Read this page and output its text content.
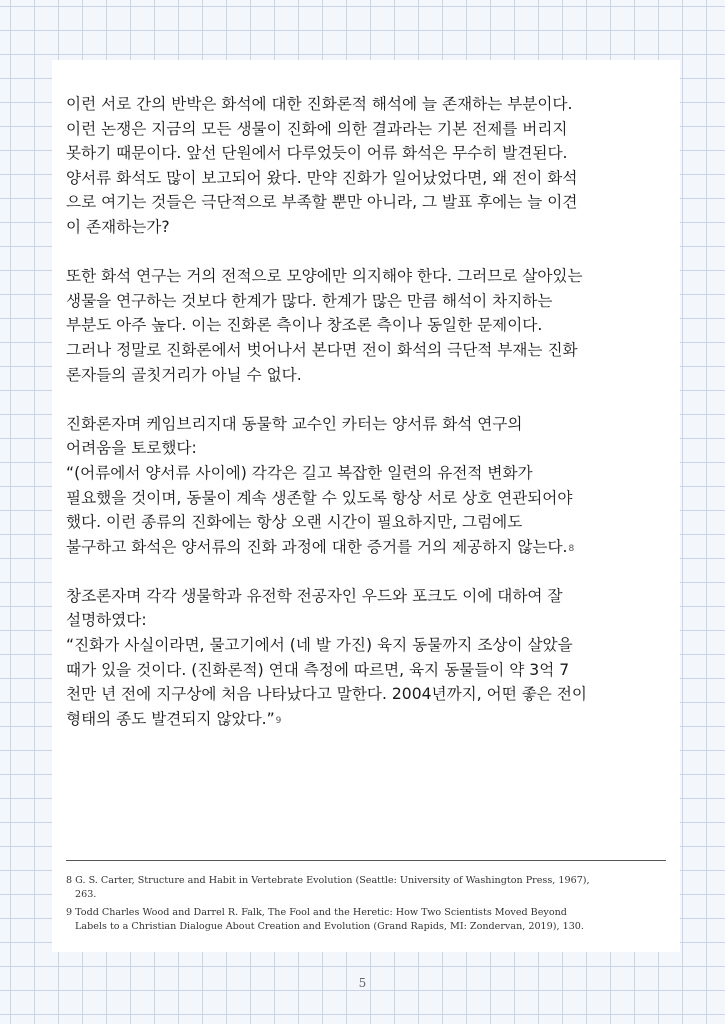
이런 서로 간의 반박은 화석에 대한 진화론적 해석에 늘 존재하는 부분이다.
이런 논쟁은 지금의 모든 생물이 진화에 의한 결과라는 기본 전제를 버리지
못하기 때문이다. 앞선 단원에서 다루었듯이 어류 화석은 무수히 발견된다.
양서류 화석도 많이 보고되어 왔다. 만약 진화가 일어났었다면, 왜 전이 화석
으로 여기는 것들은 극단적으로 부족할 뿐만 아니라, 그 발표 후에는 늘 이견
이 존재하는가?

또한 화석 연구는 거의 전적으로 모양에만 의지해야 한다. 그러므로 살아있는
생물을 연구하는 것보다 한계가 많다. 한계가 많은 만큼 해석이 차지하는
부분도 아주 높다. 이는 진화론 측이나 창조론 측이나 동일한 문제이다.
그러나 정말로 진화론에서 벗어나서 본다면 전이 화석의 극단적 부재는 진화
론자들의 골칫거리가 아닐 수 없다.

진화론자며 케임브리지대 동물학 교수인 카터는 양서류 화석 연구의
어려움을 토로했다:
“(어류에서 양서류 사이에) 각각은 길고 복잡한 일련의 유전적 변화가
필요했을 것이며, 동물이 계속 생존할 수 있도록 항상 서로 상호 연관되어야
했다. 이런 종류의 진화에는 항상 오랜 시간이 필요하지만, 그럼에도
불구하고 화석은 양서류의 진화 과정에 대한 증거를 거의 제공하지 않는다.$^8$

창조론자며 각각 생물학과 유전학 전공자인 우드와 포크도 이에 대하여 잘
설명하였다:
“진화가 사실이라면, 물고기에서 (네 발 가진) 육지 동물까지 조상이 살았을
때가 있을 것이다. (진화론적) 연대 측정에 따르면, 육지 동물들이 약 3억 7
천만 년 전에 지구상에 처음 나타났다고 말한다. 2004년까지, 어떤 좋은 전이
형태의 종도 발견되지 않았다.”$^9$

8 G. S. Carter, Structure and Habit in Vertebrate Evolution (Seattle: University of Washington Press, 1967),
263.

9 Todd Charles Wood and Darrel R. Falk, The Fool and the Heretic: How Two Scientists Moved Beyond
Labels to a Christian Dialogue About Creation and Evolution (Grand Rapids, MI: Zondervan, 2019), 130.

5
